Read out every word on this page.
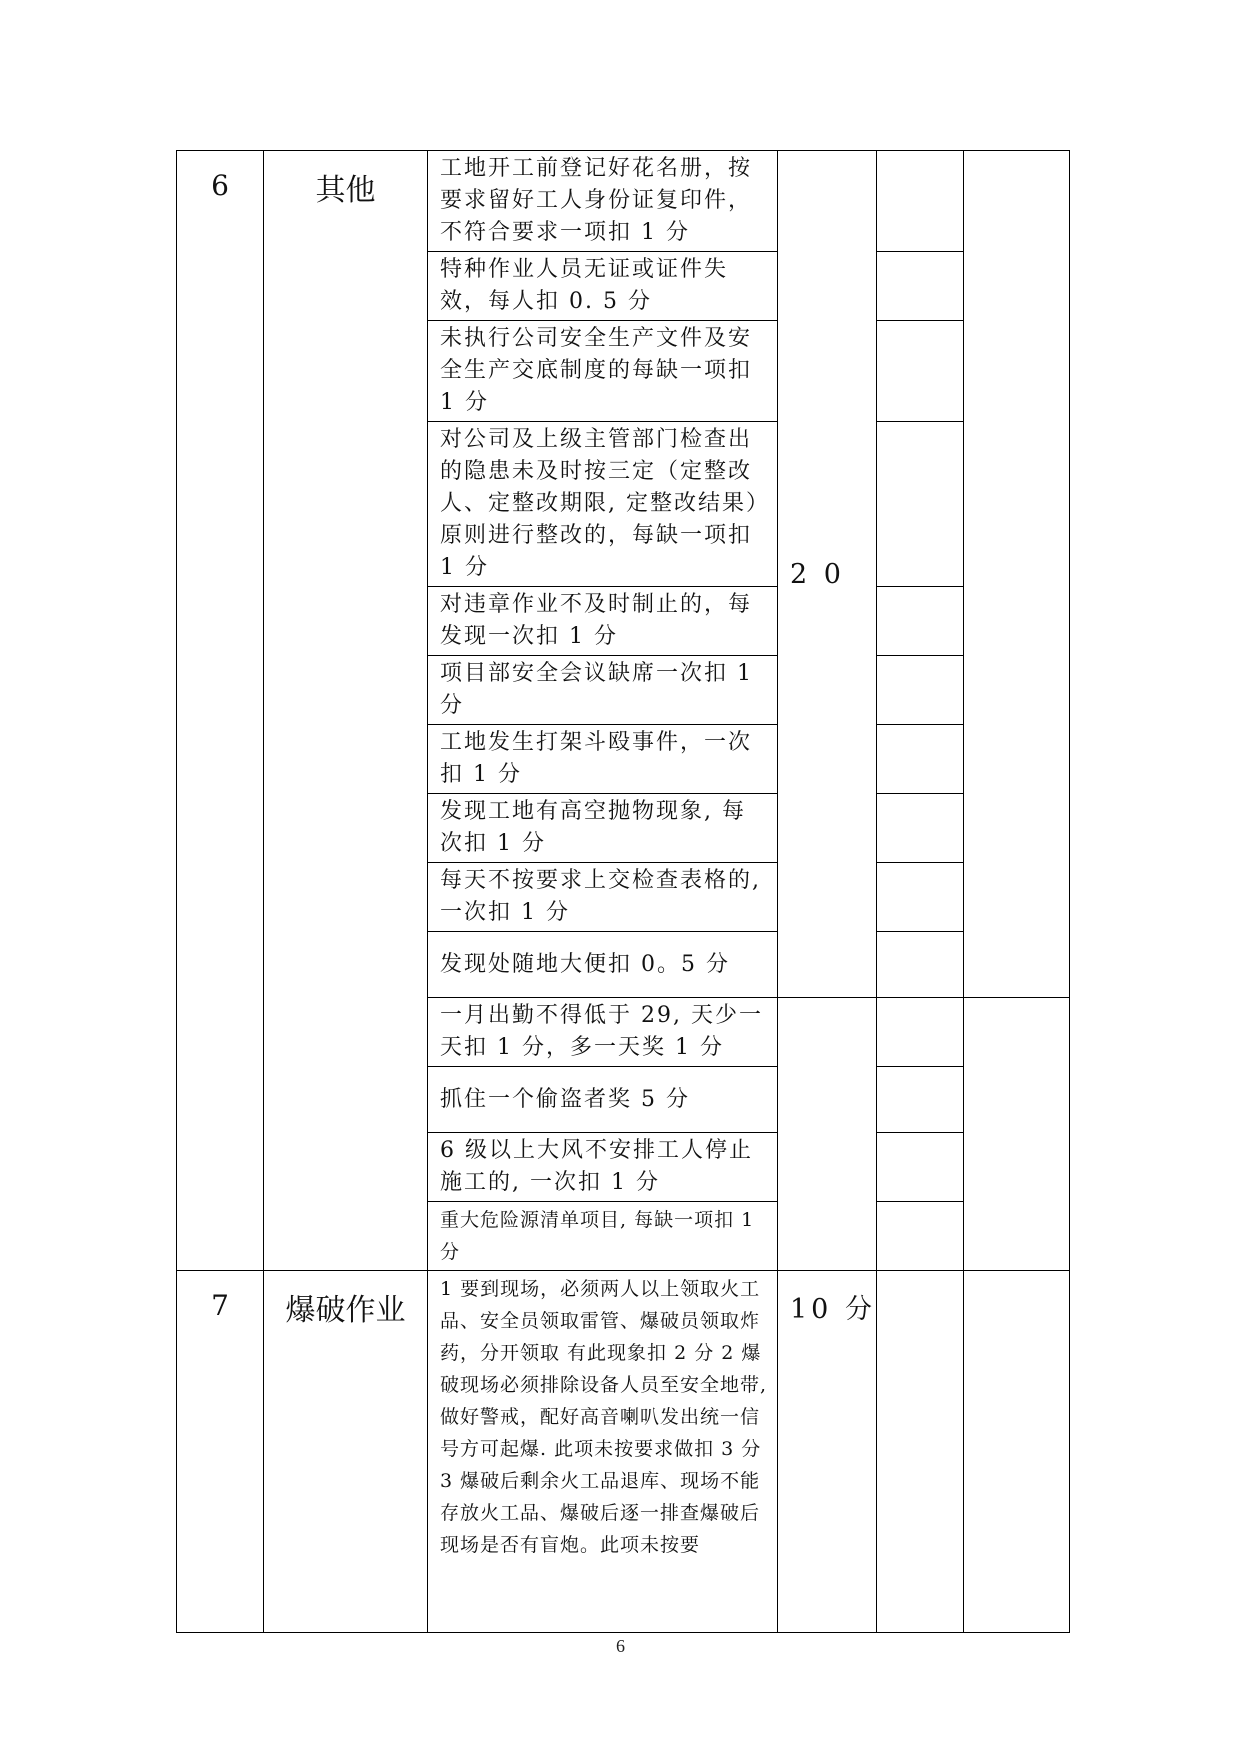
6	其他	工地开工前登记好花名册，按要求留好工人身份证复印件，不符合要求一项扣 1 分	2 0		
		特种作业人员无证或证件失效，每人扣 0. 5 分			
		未执行公司安全生产文件及安全生产交底制度的每缺一项扣 1 分			
		对公司及上级主管部门检查出的隐患未及时按三定（定整改人、定整改期限, 定整改结果）原则进行整改的，每缺一项扣 1 分			
		对违章作业不及时制止的，每发现一次扣 1 分			
		项目部安全会议缺席一次扣 1 分			
		工地发生打架斗殴事件，一次扣 1 分			
		发现工地有高空抛物现象, 每次扣 1 分			
		每天不按要求上交检查表格的, 一次扣 1 分			
		发现处随地大便扣 0。5 分			
		一月出勤不得低于 29, 天少一天扣 1 分，多一天奖 1 分			
		抓住一个偷盗者奖 5 分			
		6 级以上大风不安排工人停止施工的, 一次扣 1 分			
		重大危险源清单项目, 每缺一项扣 1 分			
7	爆破作业	1 要到现场，必须两人以上领取火工品、安全员领取雷管、爆破员领取炸药，分开领取 有此现象扣 2 分 2 爆破现场必须排除设备人员至安全地带, 做好警戒，配好高音喇叭发出统一信号方可起爆. 此项未按要求做扣 3 分 3 爆破后剩余火工品退库、现场不能存放火工品、爆破后逐一排查爆破后现场是否有盲炮。此项未按要	10 分		
6
